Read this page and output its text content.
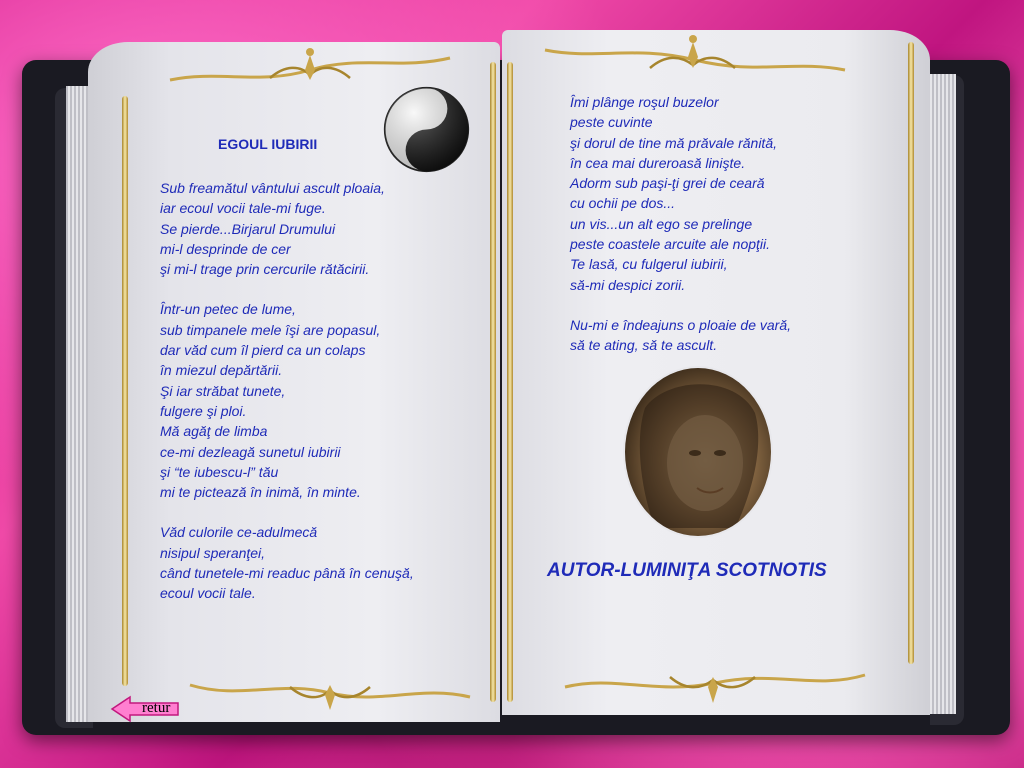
EGOUL IUBIRII

Sub freamătul vântului ascult ploaia,
iar ecoul vocii tale-mi fuge.
Se pierde...Birjarul Drumului
mi-l desprinde de cer
şi mi-l trage prin cercurile rătăcirii.

Într-un petec de lume,
sub timpanele mele îşi are popasul,
dar văd cum îl pierd ca un colaps
în miezul depărtării.
Şi iar străbat tunete,
fulgere şi ploi.
Mă agăţ de limba
ce-mi dezleagă sunetul iubirii
şi “te iubescu-l” tău
mi te pictează în inimă, în minte.

Văd culorile ce-adulmecă
nisipul speranţei,
când tunetele-mi readuc până în cenuşă,
ecoul vocii tale.

Îmi plânge roşul buzelor
peste cuvinte
şi dorul de tine mă prăvale rănită,
în cea mai dureroasă linişte.
Adorm sub paşi-ţi grei de ceară
cu ochii pe dos...
un vis...un alt ego se prelinge
peste coastele arcuite ale nopţii.
Te lasă, cu fulgerul iubirii,
să-mi despici zorii.

Nu-mi e îndeajuns o ploaie de vară,
să te ating, să te ascult.

AUTOR-LUMINIŢA SCOTNOTIS
retur
